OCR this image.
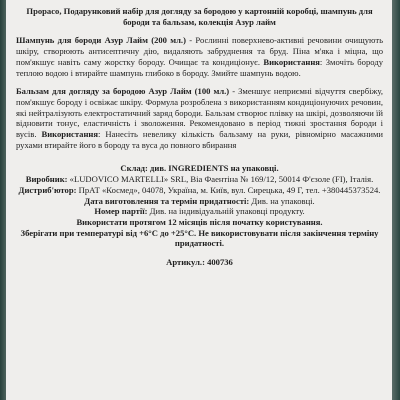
Прорасо, Подарунковий набір для догляду за бородою у картонній коробці, шампунь для бороди та бальзам, колекція Азур лайм

Шампунь для бороди Азур Лайм (200 мл.) - Рослинні поверхнево-активні речовини очищують шкіру, створюють антисептичну дію, видаляють забруднення та бруд. Піна м'яка і міцна, що пом'якшує навіть саму жорстку бороду. Очищає та кондиціонує. Використання: Змочіть бороду теплою водою і втирайте шампунь глибоко в бороду. Змийте шампунь водою.

Бальзам для догляду за бородою Азур Лайм (100 мл.) - Зменшує неприємні відчуття свербіжу, пом'якшує бороду і освіжає шкіру. Формула розроблена з використанням кондиціонуючих речовин, які нейтралізують електростатичний заряд бороди. Бальзам створює плівку на шкірі, дозволяючи їй відновити тонус, еластичність і зволоження. Рекомендовано в період тижні зростання бороди і вусів. Використання: Нанесіть невелику кількість бальзаму на руки, рівномірно масажними рухами втирайте його в бороду та вуса до повного вбирання

Склад: див. INGREDIENTS на упаковці.

Виробник: «LUDOVICO MARTELLI» SRL, Віа Фаентіна № 169/12, 50014 Ф'єзоле (FI), Італія. Дистриб'ютор: ПрАТ «Космед», 04078, Україна, м. Київ, вул. Сирецька, 49 Г, тел. +380445373524.

Дата виготовлення та термін придатності: Див. на упаковці.

Номер партії: Див. на індивідуальній упаковці продукту.

Використати протягом 12 місяців після початку користування.

Зберігати при температурі від +6°С до +25°С. Не використовувати після закінчення терміну придатності.

Артикул.: 400736
